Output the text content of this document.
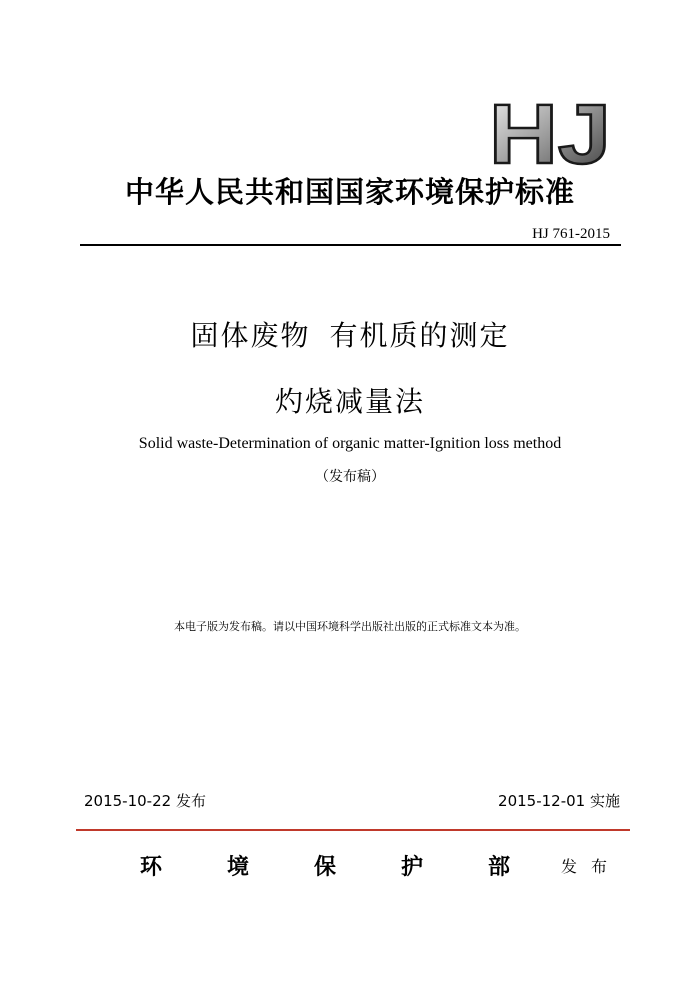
HJ
中华人民共和国国家环境保护标准
HJ 761-2015
固体废物 有机质的测定
灼烧减量法
Solid waste-Determination of organic matter-Ignition loss method
（发布稿）
本电子版为发布稿。请以中国环境科学出版社出版的正式标准文本为准。
2015-10-22 发布	2015-12-01 实施
环	境	保	护	部	发布
